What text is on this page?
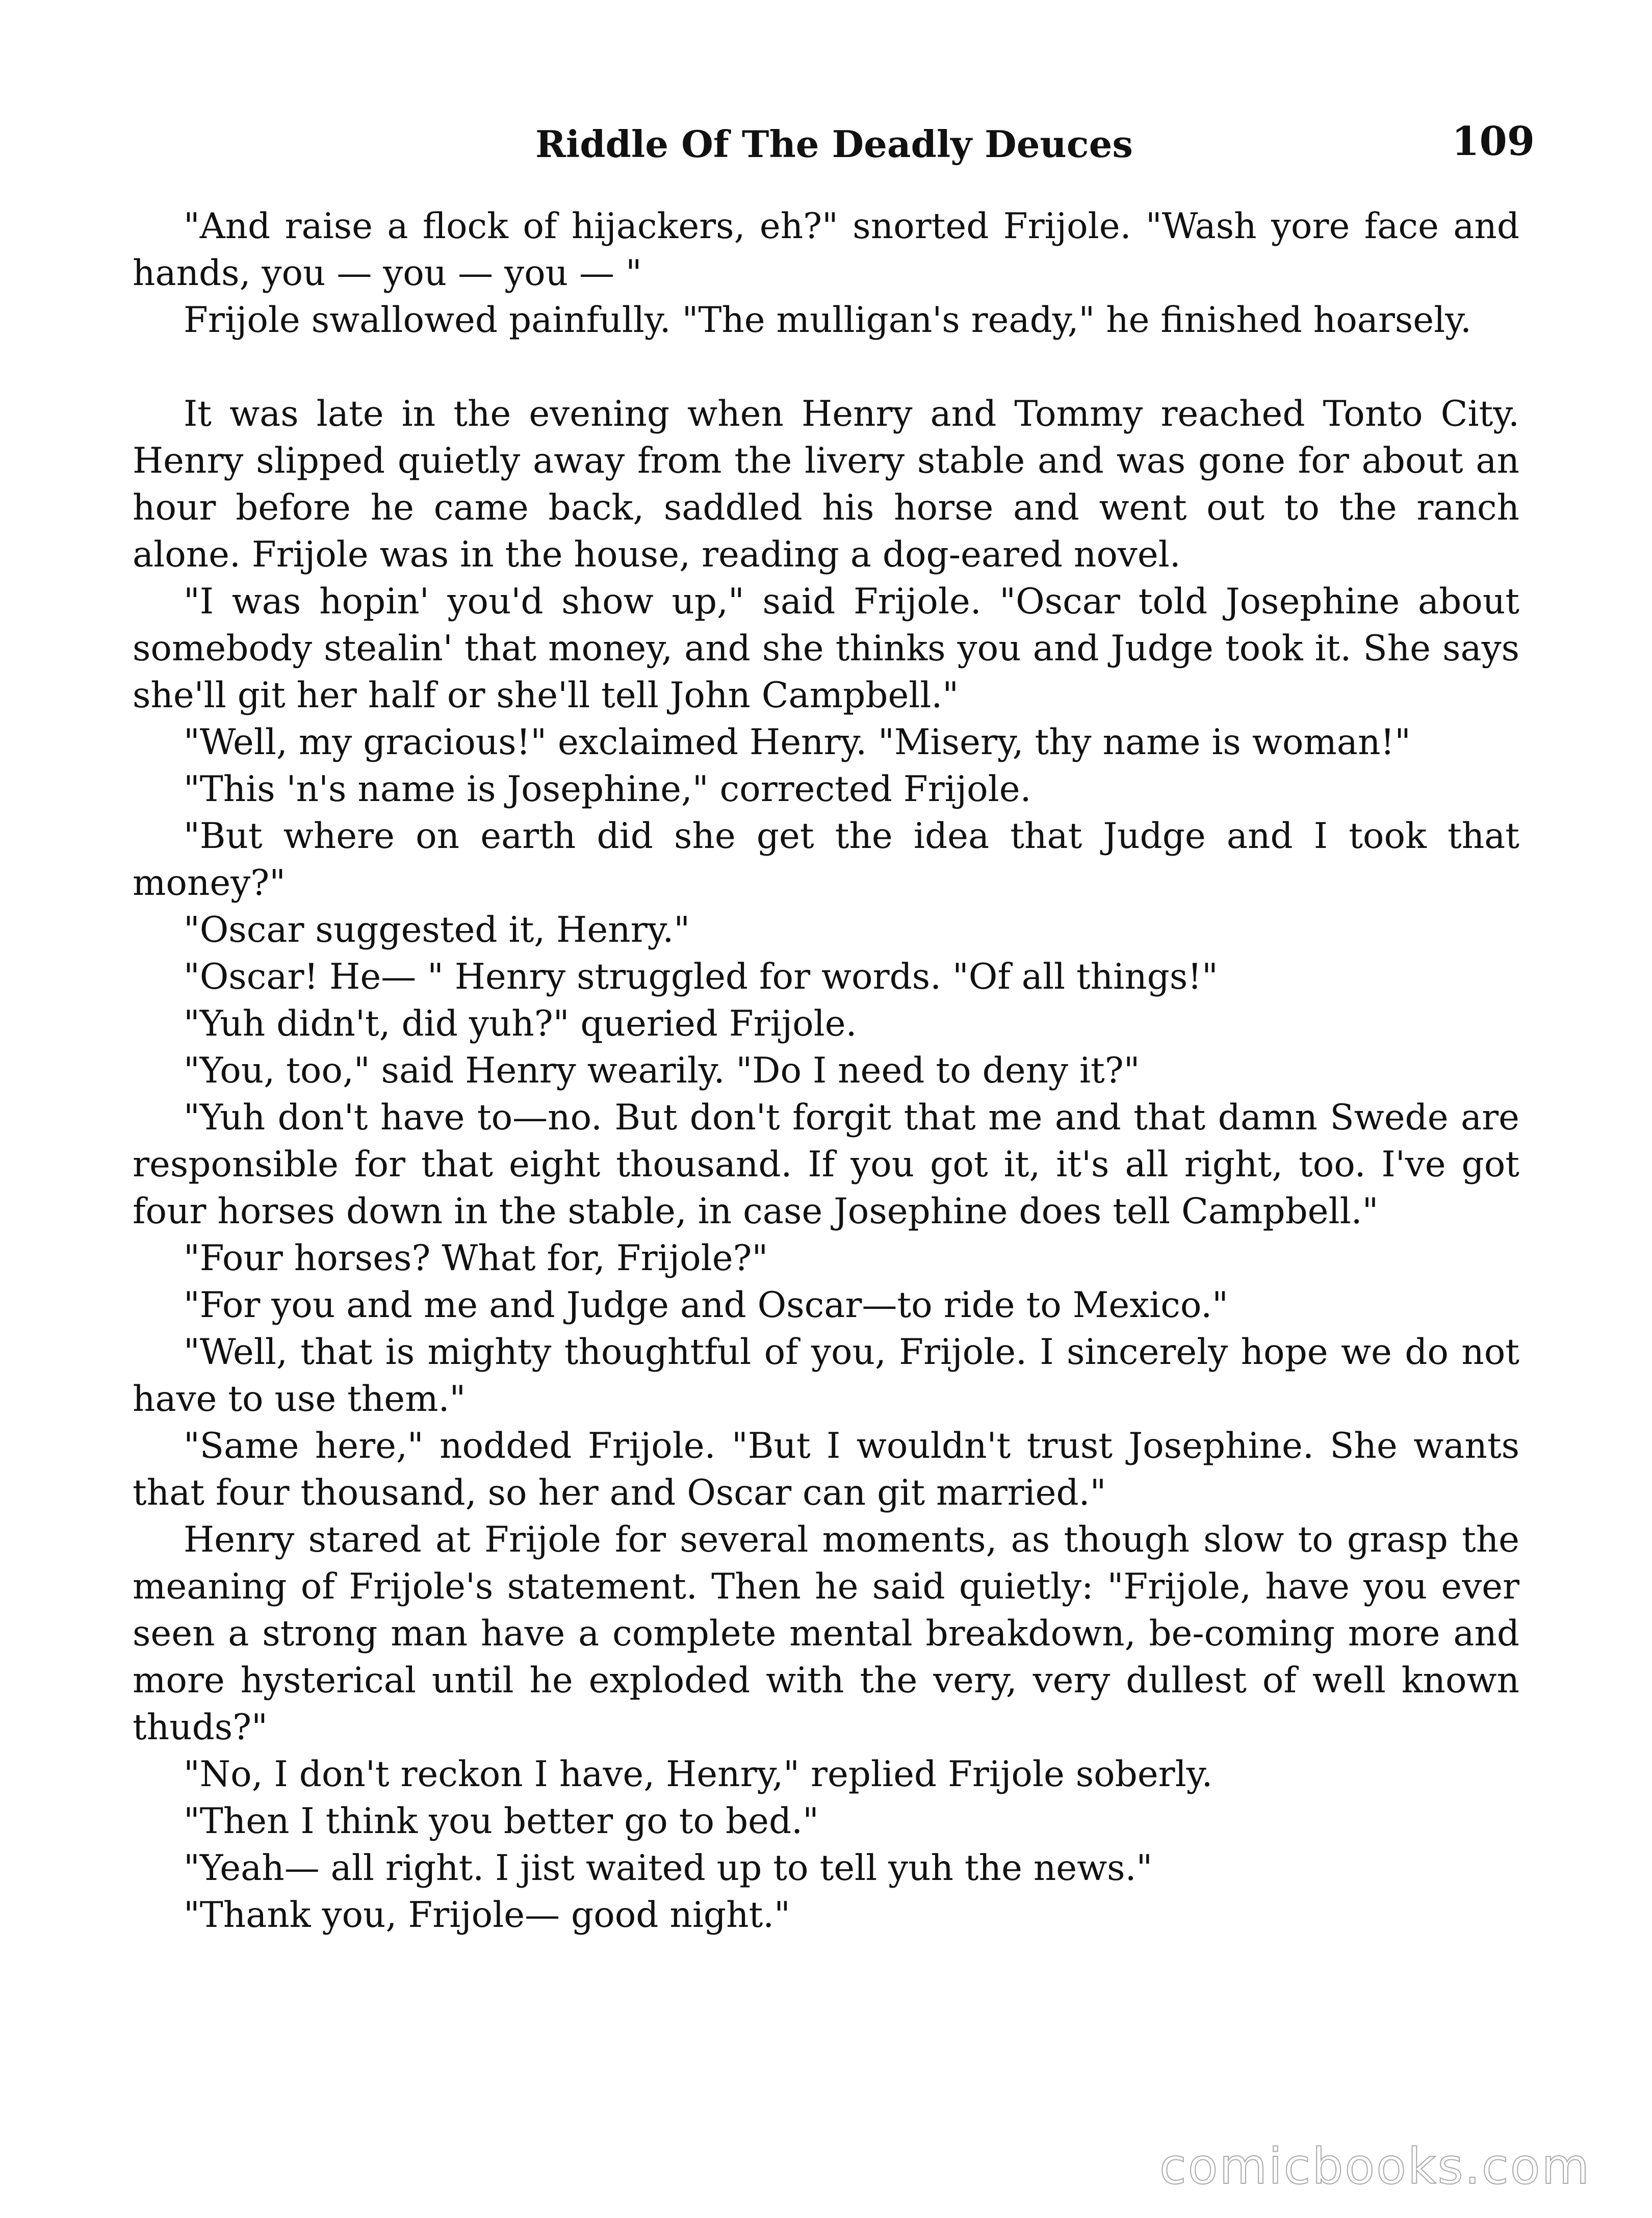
Riddle Of The Deadly Deuces	109

"And raise a flock of hijackers, eh?" snorted Frijole. "Wash yore face and hands, you — you — you — "

Frijole swallowed painfully. "The mulligan's ready," he finished hoarsely.

It was late in the evening when Henry and Tommy reached Tonto City. Henry slipped quietly away from the livery stable and was gone for about an hour before he came back, saddled his horse and went out to the ranch alone. Frijole was in the house, reading a dog-eared novel.

"I was hopin' you'd show up," said Frijole. "Oscar told Josephine about somebody stealin' that money, and she thinks you and Judge took it. She says she'll git her half or she'll tell John Campbell."

"Well, my gracious!" exclaimed Henry. "Misery, thy name is woman!"

"This 'n's name is Josephine," corrected Frijole.

"But where on earth did she get the idea that Judge and I took that money?"

"Oscar suggested it, Henry."

"Oscar! He— " Henry struggled for words. "Of all things!"

"Yuh didn't, did yuh?" queried Frijole.

"You, too," said Henry wearily. "Do I need to deny it?"

"Yuh don't have to—no. But don't forgit that me and that damn Swede are responsible for that eight thousand. If you got it, it's all right, too. I've got four horses down in the stable, in case Josephine does tell Campbell."

"Four horses? What for, Frijole?"

"For you and me and Judge and Oscar—to ride to Mexico."

"Well, that is mighty thoughtful of you, Frijole. I sincerely hope we do not have to use them."

"Same here," nodded Frijole. "But I wouldn't trust Josephine. She wants that four thousand, so her and Oscar can git married."

Henry stared at Frijole for several moments, as though slow to grasp the meaning of Frijole's statement. Then he said quietly: "Frijole, have you ever seen a strong man have a complete mental breakdown, be-coming more and more hysterical until he exploded with the very, very dullest of well known thuds?"

"No, I don't reckon I have, Henry," replied Frijole soberly.

"Then I think you better go to bed."

"Yeah— all right. I jist waited up to tell yuh the news."

"Thank you, Frijole— good night."

comicbooks.com
